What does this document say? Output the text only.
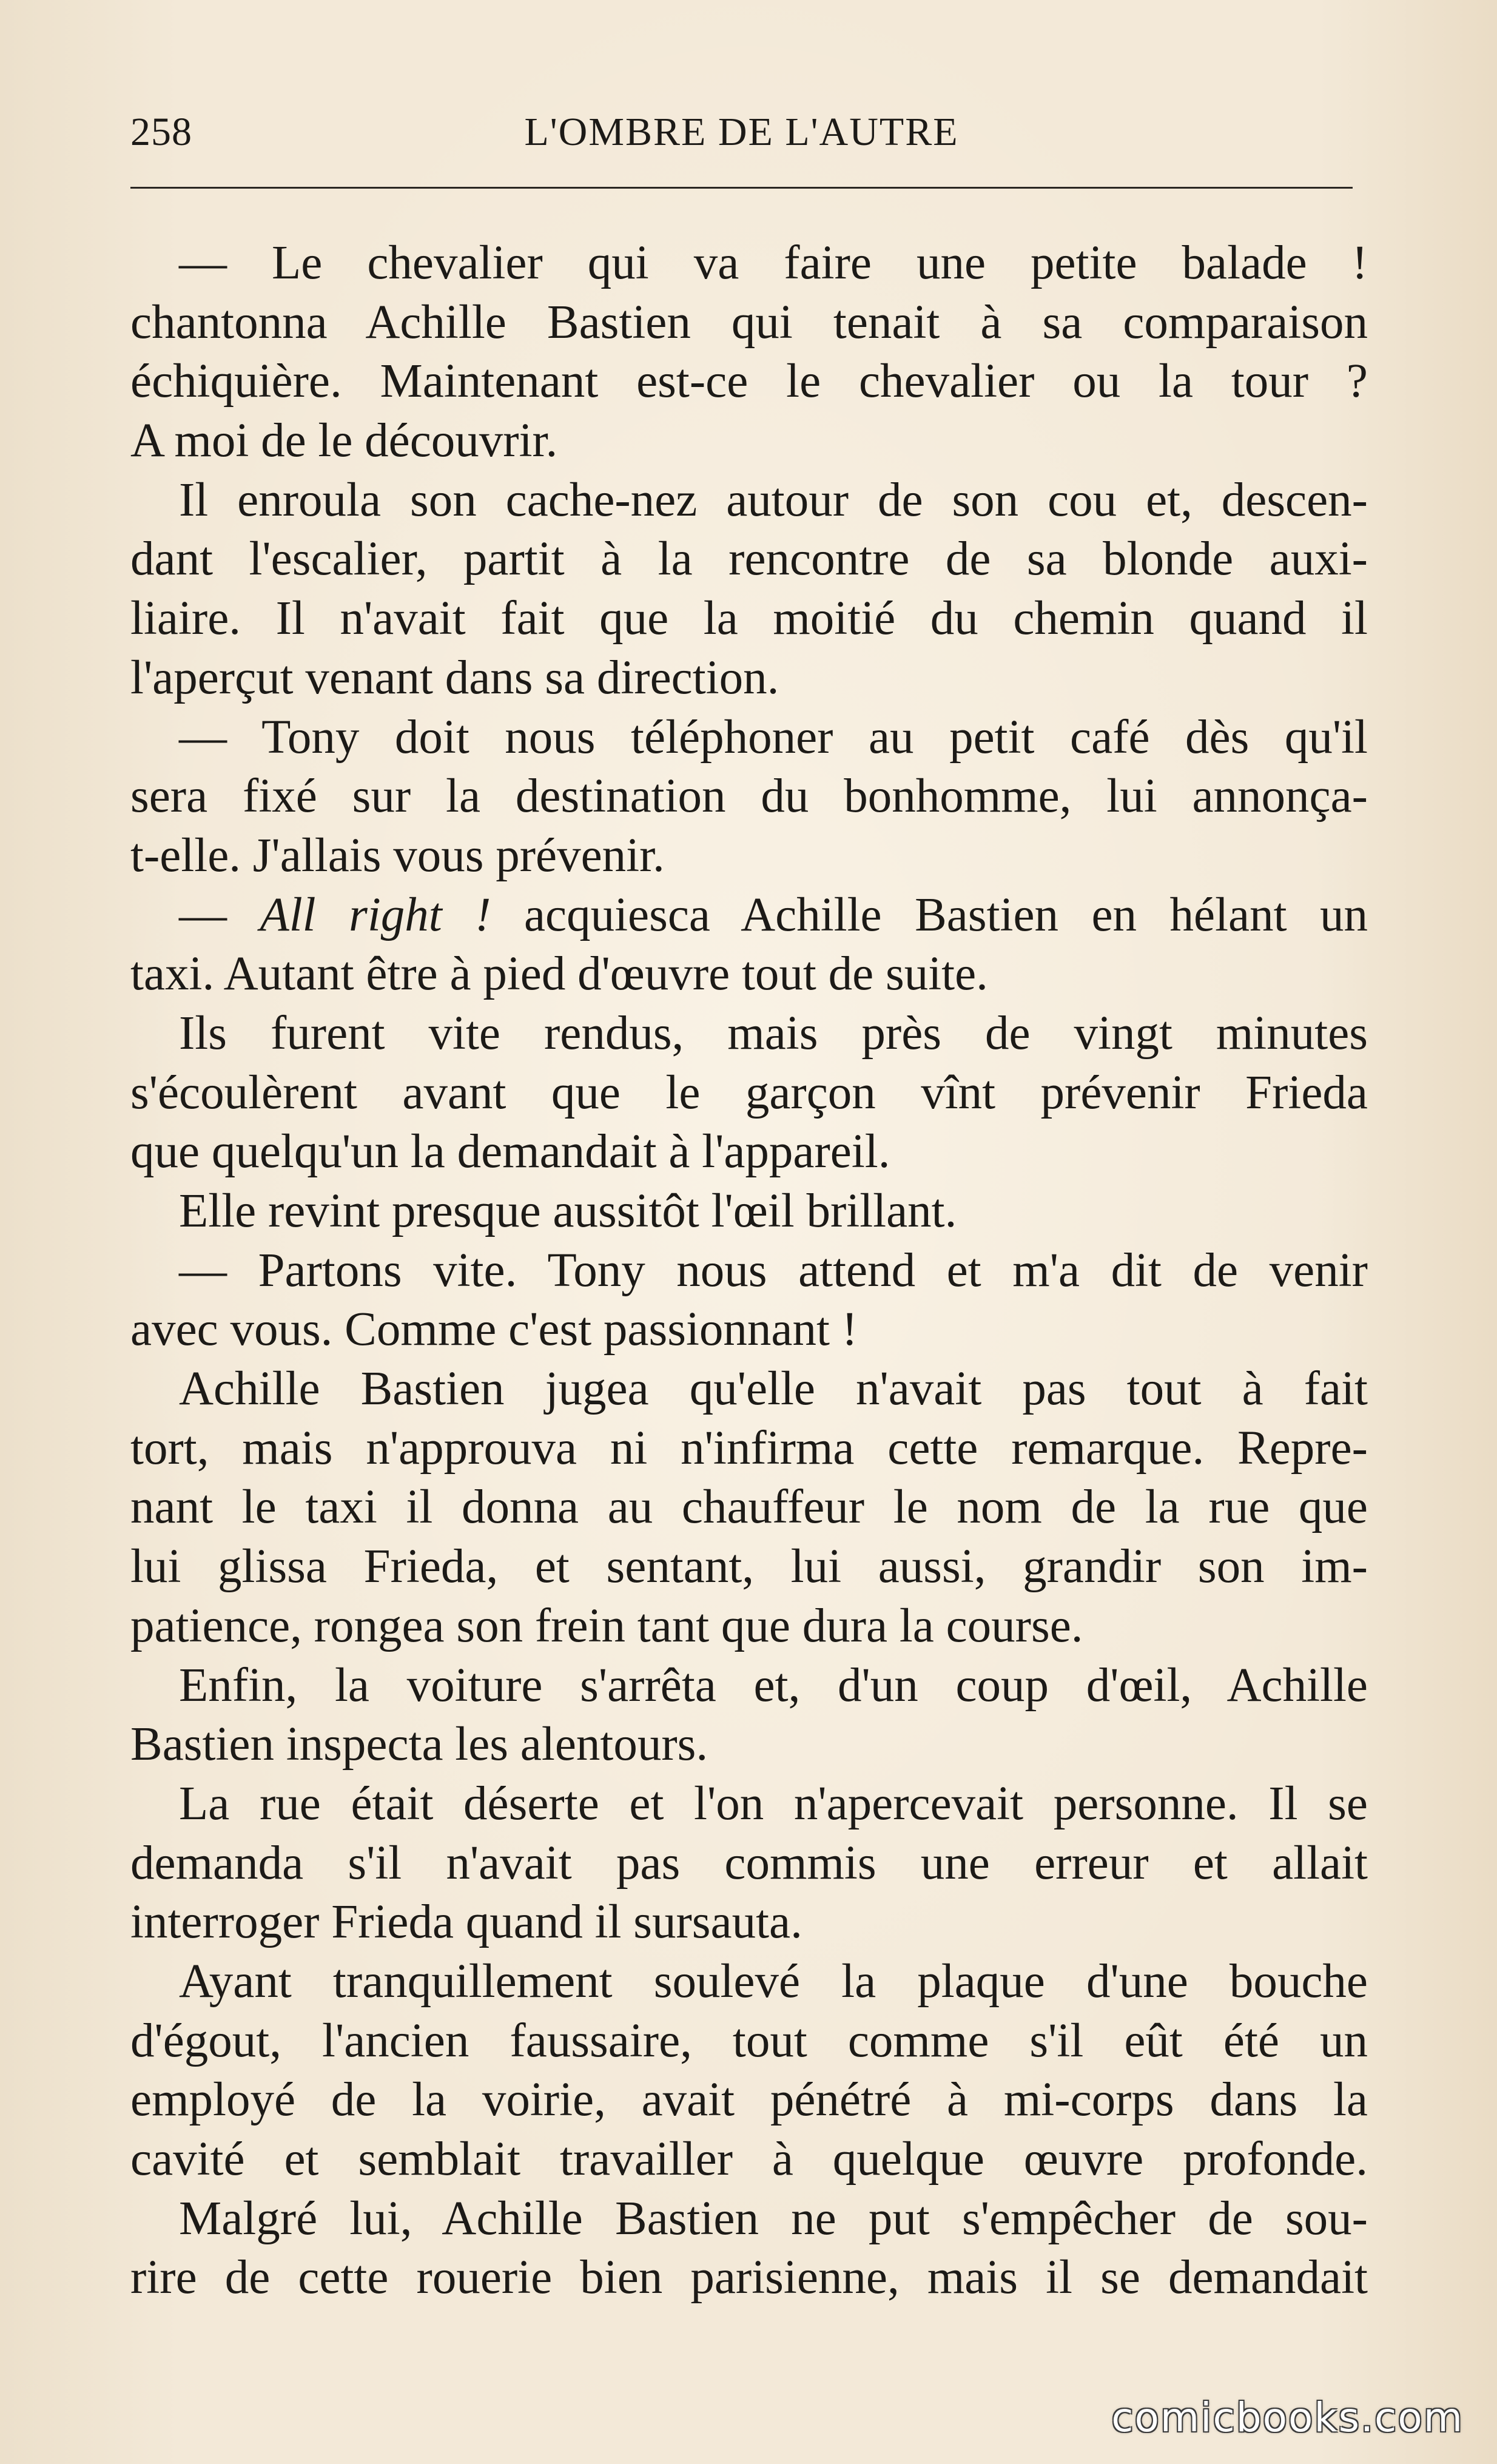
258	L'OMBRE DE L'AUTRE
— Le chevalier qui va faire une petite balade !
chantonna Achille Bastien qui tenait à sa comparaison
échiquière. Maintenant est-ce le chevalier ou la tour ?
A moi de le découvrir.
Il enroula son cache-nez autour de son cou et, descen-
dant l'escalier, partit à la rencontre de sa blonde auxi-
liaire. Il n'avait fait que la moitié du chemin quand il
l'aperçut venant dans sa direction.
— Tony doit nous téléphoner au petit café dès qu'il
sera fixé sur la destination du bonhomme, lui annonça-
t-elle. J'allais vous prévenir.
— All right ! acquiesca Achille Bastien en hélant un
taxi. Autant être à pied d'œuvre tout de suite.
Ils furent vite rendus, mais près de vingt minutes
s'écoulèrent avant que le garçon vînt prévenir Frieda
que quelqu'un la demandait à l'appareil.
Elle revint presque aussitôt l'œil brillant.
— Partons vite. Tony nous attend et m'a dit de venir
avec vous. Comme c'est passionnant !
Achille Bastien jugea qu'elle n'avait pas tout à fait
tort, mais n'approuva ni n'infirma cette remarque. Repre-
nant le taxi il donna au chauffeur le nom de la rue que
lui glissa Frieda, et sentant, lui aussi, grandir son im-
patience, rongea son frein tant que dura la course.
Enfin, la voiture s'arrêta et, d'un coup d'œil, Achille
Bastien inspecta les alentours.
La rue était déserte et l'on n'apercevait personne. Il se
demanda s'il n'avait pas commis une erreur et allait
interroger Frieda quand il sursauta.
Ayant tranquillement soulevé la plaque d'une bouche
d'égout, l'ancien faussaire, tout comme s'il eût été un
employé de la voirie, avait pénétré à mi-corps dans la
cavité et semblait travailler à quelque œuvre profonde.
Malgré lui, Achille Bastien ne put s'empêcher de sou-
rire de cette rouerie bien parisienne, mais il se demandait
comicbooks.com
